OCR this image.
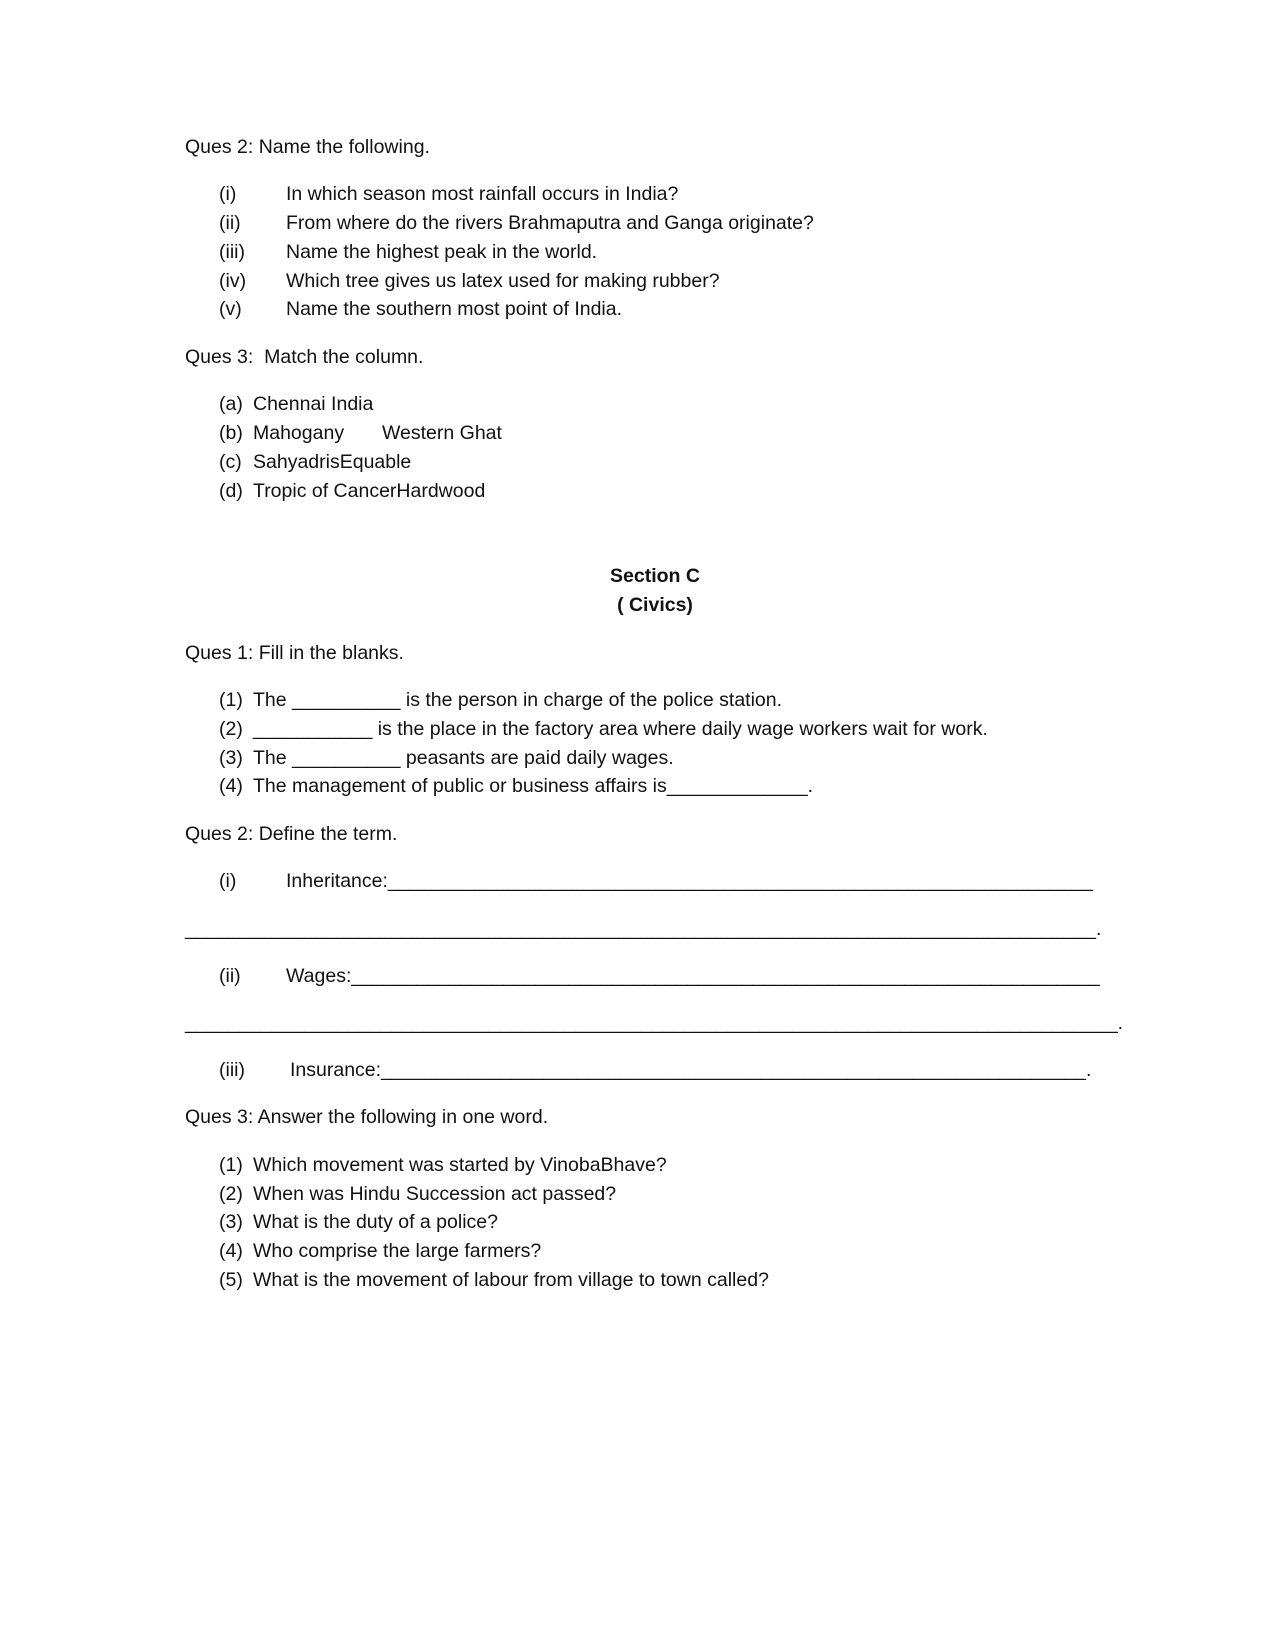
Ques 2: Name the following.

(i)	In which season most rainfall occurs in India?
(ii) From where do the rivers Brahmaputra and Ganga originate?
(iii) Name the highest peak in the world.
(iv) Which tree gives us latex used for making rubber?
(v) Name the southern most point of India.

Ques 3:  Match the column.

(a) Chennai India
(b) Mahogany       Western Ghat
(c) SahyadrisEquable
(d) Tropic of CancerHardwood
Section C
( Civics)

Ques 1: Fill in the blanks.

(1) The __________ is the person in charge of the police station.
(2) ___________ is the place in the factory area where daily wage workers wait for work.
(3) The __________ peasants are paid daily wages.
(4) The management of public or business affairs is_____________.

Ques 2: Define the term.

(i)	Inheritance:_________________________________________________________________
____________________________________________________________________________________.
(ii) Wages:_____________________________________________________________________
______________________________________________________________________________________.
(iii) Insurance:_________________________________________________________________.

Ques 3: Answer the following in one word.

(1) Which movement was started by VinobaBhave?
(2) When was Hindu Succession act passed?
(3) What is the duty of a police?
(4) Who comprise the large farmers?
(5) What is the movement of labour from village to town called?
